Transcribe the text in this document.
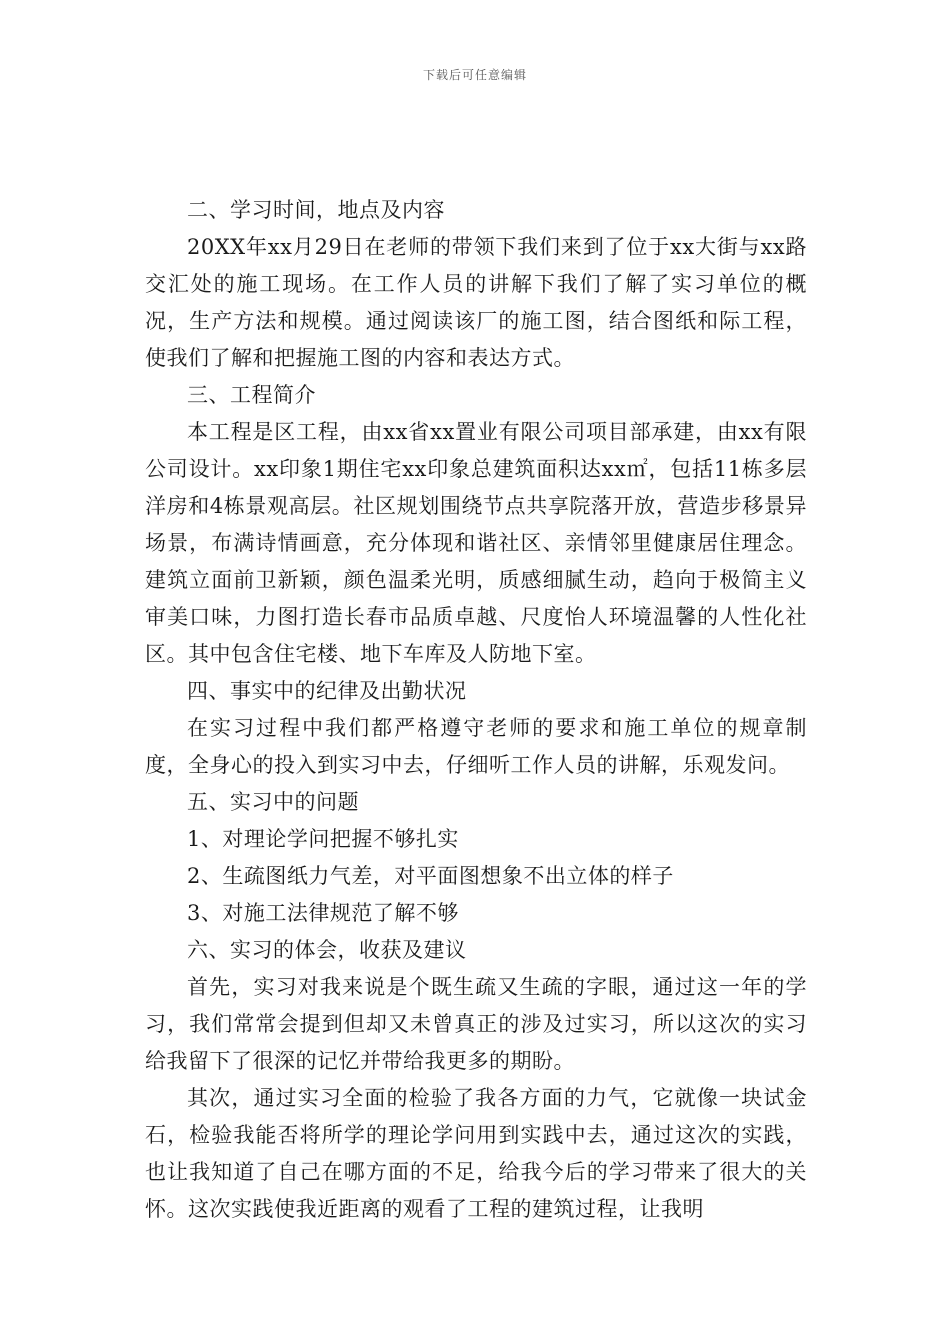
下载后可任意编辑

二、学习时间，地点及内容

20XX年xx月29日在老师的带领下我们来到了位于xx大街与xx路交汇处的施工现场。在工作人员的讲解下我们了解了实习单位的概况，生产方法和规模。通过阅读该厂的施工图，结合图纸和际工程，使我们了解和把握施工图的内容和表达方式。

三、工程简介

本工程是区工程，由xx省xx置业有限公司项目部承建，由xx有限公司设计。xx印象1期住宅xx印象总建筑面积达xx㎡，包括11栋多层洋房和4栋景观高层。社区规划围绕节点共享院落开放，营造步移景异场景，布满诗情画意，充分体现和谐社区、亲情邻里健康居住理念。建筑立面前卫新颖，颜色温柔光明，质感细腻生动，趋向于极简主义审美口味，力图打造长春市品质卓越、尺度怡人环境温馨的人性化社区。其中包含住宅楼、地下车库及人防地下室。

四、事实中的纪律及出勤状况

在实习过程中我们都严格遵守老师的要求和施工单位的规章制度，全身心的投入到实习中去，仔细听工作人员的讲解，乐观发问。

五、实习中的问题

1、对理论学问把握不够扎实

2、生疏图纸力气差，对平面图想象不出立体的样子

3、对施工法律规范了解不够

六、实习的体会，收获及建议

首先，实习对我来说是个既生疏又生疏的字眼，通过这一年的学习，我们常常会提到但却又未曾真正的涉及过实习，所以这次的实习给我留下了很深的记忆并带给我更多的期盼。

其次，通过实习全面的检验了我各方面的力气，它就像一块试金石，检验我能否将所学的理论学问用到实践中去，通过这次的实践，也让我知道了自己在哪方面的不足，给我今后的学习带来了很大的关怀。这次实践使我近距离的观看了工程的建筑过程，让我明
